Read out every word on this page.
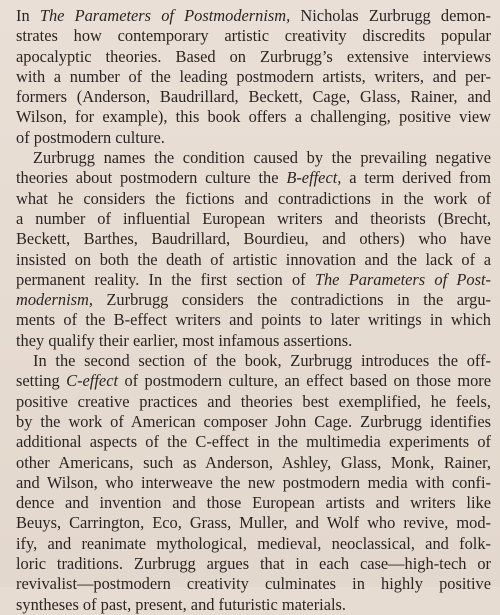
In The Parameters of Postmodernism, Nicholas Zurbrugg demon-
strates how contemporary artistic creativity discredits popular
apocalyptic theories. Based on Zurbrugg’s extensive interviews
with a number of the leading postmodern artists, writers, and per-
formers (Anderson, Baudrillard, Beckett, Cage, Glass, Rainer, and
Wilson, for example), this book offers a challenging, positive view
of postmodern culture.

Zurbrugg names the condition caused by the prevailing negative
theories about postmodern culture the B-effect, a term derived from
what he considers the fictions and contradictions in the work of
a number of influential European writers and theorists (Brecht,
Beckett, Barthes, Baudrillard, Bourdieu, and others) who have
insisted on both the death of artistic innovation and the lack of a
permanent reality. In the first section of The Parameters of Post-
modernism, Zurbrugg considers the contradictions in the argu-
ments of the B-effect writers and points to later writings in which
they qualify their earlier, most infamous assertions.

In the second section of the book, Zurbrugg introduces the off-
setting C-effect of postmodern culture, an effect based on those more
positive creative practices and theories best exemplified, he feels,
by the work of American composer John Cage. Zurbrugg identifies
additional aspects of the C-effect in the multimedia experiments of
other Americans, such as Anderson, Ashley, Glass, Monk, Rainer,
and Wilson, who interweave the new postmodern media with confi-
dence and invention and those European artists and writers like
Beuys, Carrington, Eco, Grass, Muller, and Wolf who revive, mod-
ify, and reanimate mythological, medieval, neoclassical, and folk-
loric traditions. Zurbrugg argues that in each case—high-tech or
revivalist—postmodern creativity culminates in highly positive
syntheses of past, present, and futuristic materials.
